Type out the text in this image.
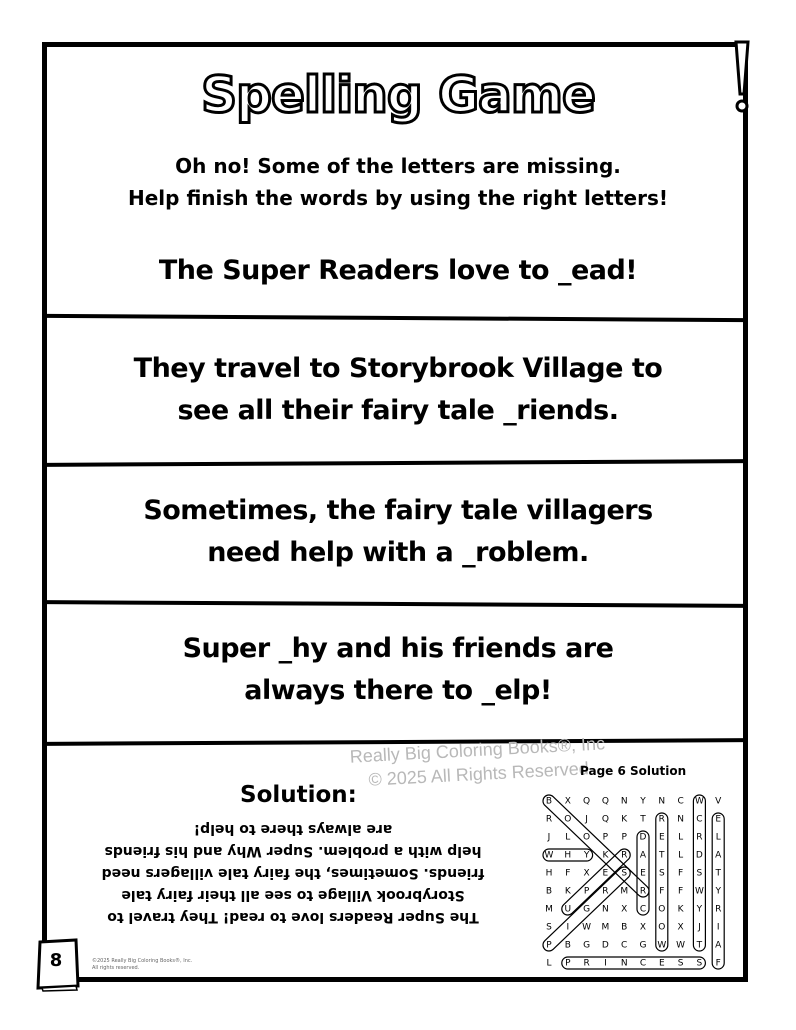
Spelling Game
Oh no! Some of the letters are missing.
Help finish the words by using the right letters!
The Super Readers love to _ead!
They travel to Storybrook Village to
see all their fairy tale _riends.
Sometimes, the fairy tale villagers
need help with a _roblem.
Super _hy and his friends are
always there to _elp!
Really Big Coloring Books®, Inc
© 2025 All Rights Reserved
Solution:
The Super Readers love to read! They travel to Storybrook Village to see all their fairy tale friends. Sometimes, the fairy tale villagers need help with a problem. Super Why and his friends are always there to help!
Page 6 Solution
B X Q Q N Y N C W V
R O J Q K T R N C E
J L O P P D E L R L
W H Y K R A T L D A
H F X E S E S F S T
B K P R M R F F W Y
M U G N X C O K Y R
S I W M B X O X J I
P B G D C G W W T A
L P R I N C E S S F
8	©2025 Really Big Coloring Books®, Inc.
All rights reserved.
